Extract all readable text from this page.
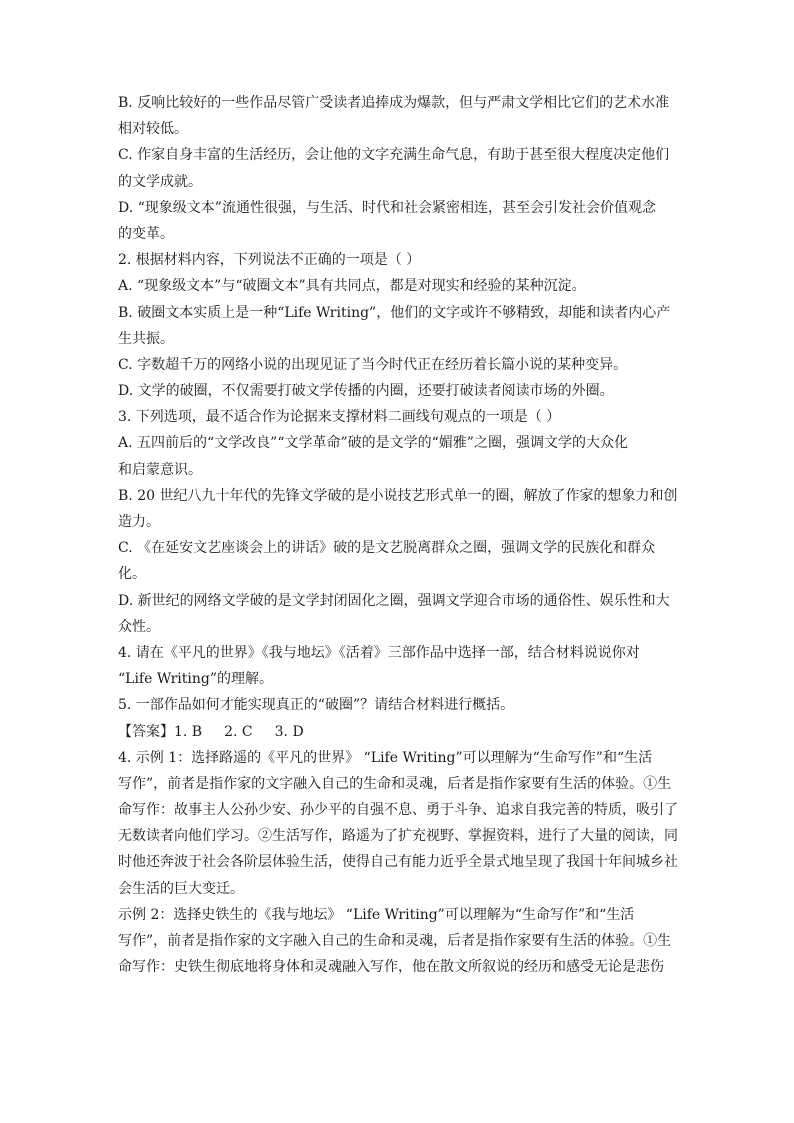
B. 反响比较好的一些作品尽管广受读者追捧成为爆款，但与严肃文学相比它们的艺术水准
相对较低。
C. 作家自身丰富的生活经历，会让他的文字充满生命气息，有助于甚至很大程度决定他们
的文学成就。
D. “现象级文本”流通性很强，与生活、时代和社会紧密相连，甚至会引发社会价值观念
的变革。
2. 根据材料内容，下列说法不正确的一项是（ ）
A. “现象级文本”与“破圈文本”具有共同点，都是对现实和经验的某种沉淀。
B. 破圈文本实质上是一种“Life Writing”，他们的文字或许不够精致，却能和读者内心产
生共振。
C. 字数超千万的网络小说的出现见证了当今时代正在经历着长篇小说的某种变异。
D. 文学的破圈，不仅需要打破文学传播的内圈，还要打破读者阅读市场的外圈。
3. 下列选项，最不适合作为论据来支撑材料二画线句观点的一项是（ ）
A. 五四前后的“文学改良”“文学革命”破的是文学的“媚雅”之圈，强调文学的大众化
和启蒙意识。
B. 20 世纪八九十年代的先锋文学破的是小说技艺形式单一的圈，解放了作家的想象力和创
造力。
C. 《在延安文艺座谈会上的讲话》破的是文艺脱离群众之圈，强调文学的民族化和群众
化。
D. 新世纪的网络文学破的是文学封闭固化之圈，强调文学迎合市场的通俗性、娱乐性和大
众性。
4. 请在《平凡的世界》《我与地坛》《活着》三部作品中选择一部，结合材料说说你对
“Life Writing”的理解。
5. 一部作品如何才能实现真正的“破圈”？请结合材料进行概括。
【答案】1. B 2. C 3. D
4. 示例 1：选择路遥的《平凡的世界》 “Life Writing”可以理解为“生命写作”和“生活
写作”，前者是指作家的文字融入自己的生命和灵魂，后者是指作家要有生活的体验。①生
命写作：故事主人公孙少安、孙少平的自强不息、勇于斗争、追求自我完善的特质，吸引了
无数读者向他们学习。②生活写作，路遥为了扩充视野、掌握资料，进行了大量的阅读，同
时他还奔波于社会各阶层体验生活，使得自己有能力近乎全景式地呈现了我国十年间城乡社
会生活的巨大变迁。
示例 2：选择史铁生的《我与地坛》 “Life Writing”可以理解为“生命写作”和“生活
写作”，前者是指作家的文字融入自己的生命和灵魂，后者是指作家要有生活的体验。①生
命写作：史铁生彻底地将身体和灵魂融入写作，他在散文所叙说的经历和感受无论是悲伤
